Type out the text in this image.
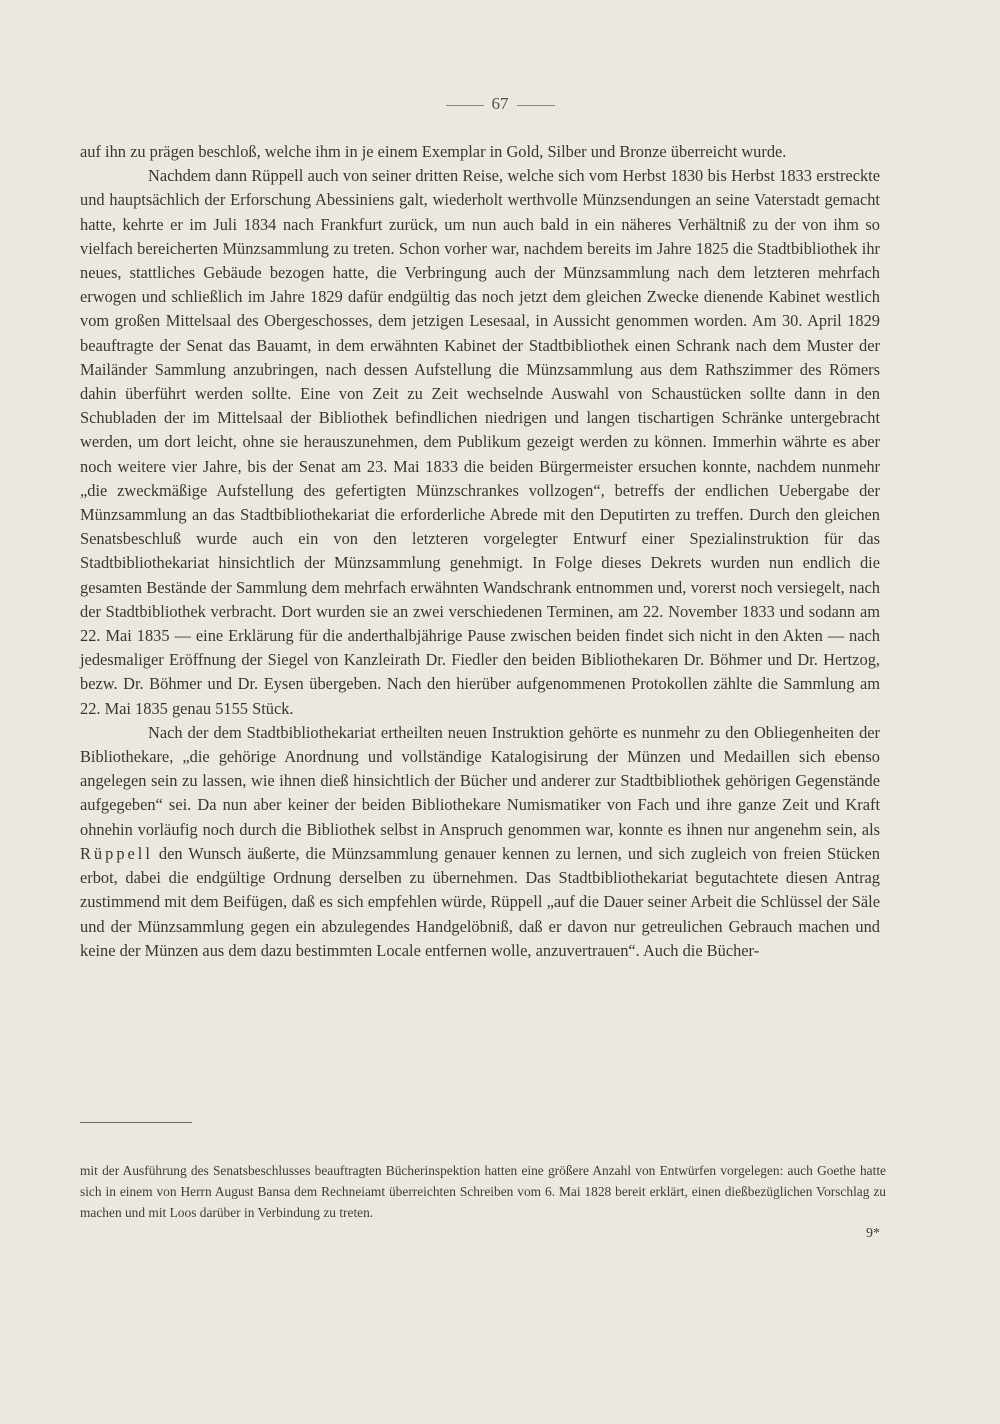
67

auf ihn zu prägen beschloß, welche ihm in je einem Exemplar in Gold, Silber und Bronze überreicht wurde.

Nachdem dann Rüppell auch von seiner dritten Reise, welche sich vom Herbst 1830 bis Herbst 1833 erstreckte und hauptsächlich der Erforschung Abessiniens galt, wiederholt werthvolle Münzsendungen an seine Vaterstadt gemacht hatte, kehrte er im Juli 1834 nach Frankfurt zurück, um nun auch bald in ein näheres Verhältniß zu der von ihm so vielfach bereicherten Münzsammlung zu treten. Schon vorher war, nachdem bereits im Jahre 1825 die Stadtbibliothek ihr neues, stattliches Gebäude bezogen hatte, die Verbringung auch der Münzsammlung nach dem letzteren mehrfach erwogen und schließlich im Jahre 1829 dafür endgültig das noch jetzt dem gleichen Zwecke dienende Kabinet westlich vom großen Mittelsaal des Obergeschosses, dem jetzigen Lesesaal, in Aussicht genommen worden. Am 30. April 1829 beauftragte der Senat das Bauamt, in dem erwähnten Kabinet der Stadtbibliothek einen Schrank nach dem Muster der Mailänder Sammlung anzubringen, nach dessen Aufstellung die Münzsammlung aus dem Rathszimmer des Römers dahin überführt werden sollte. Eine von Zeit zu Zeit wechselnde Auswahl von Schaustücken sollte dann in den Schubladen der im Mittelsaal der Bibliothek befindlichen niedrigen und langen tischartigen Schränke untergebracht werden, um dort leicht, ohne sie herauszunehmen, dem Publikum gezeigt werden zu können. Immerhin währte es aber noch weitere vier Jahre, bis der Senat am 23. Mai 1833 die beiden Bürgermeister ersuchen konnte, nachdem nunmehr „die zweckmäßige Aufstellung des gefertigten Münzschrankes vollzogen“, betreffs der endlichen Uebergabe der Münzsammlung an das Stadtbibliothekariat die erforderliche Abrede mit den Deputirten zu treffen. Durch den gleichen Senatsbeschluß wurde auch ein von den letzteren vorgelegter Entwurf einer Spezialinstruktion für das Stadtbibliothekariat hinsichtlich der Münzsammlung genehmigt. In Folge dieses Dekrets wurden nun endlich die gesamten Bestände der Sammlung dem mehrfach erwähnten Wandschrank entnommen und, vorerst noch versiegelt, nach der Stadtbibliothek verbracht. Dort wurden sie an zwei verschiedenen Terminen, am 22. November 1833 und sodann am 22. Mai 1835 — eine Erklärung für die anderthalbjährige Pause zwischen beiden findet sich nicht in den Akten — nach jedesmaliger Eröffnung der Siegel von Kanzleirath Dr. Fiedler den beiden Bibliothekaren Dr. Böhmer und Dr. Hertzog, bezw. Dr. Böhmer und Dr. Eysen übergeben. Nach den hierüber aufgenommenen Protokollen zählte die Sammlung am 22. Mai 1835 genau 5155 Stück.

Nach der dem Stadtbibliothekariat ertheilten neuen Instruktion gehörte es nunmehr zu den Obliegenheiten der Bibliothekare, „die gehörige Anordnung und vollständige Katalogisirung der Münzen und Medaillen sich ebenso angelegen sein zu lassen, wie ihnen dieß hinsichtlich der Bücher und anderer zur Stadtbibliothek gehörigen Gegenstände aufgegeben“ sei. Da nun aber keiner der beiden Bibliothekare Numismatiker von Fach und ihre ganze Zeit und Kraft ohnehin vorläufig noch durch die Bibliothek selbst in Anspruch genommen war, konnte es ihnen nur angenehm sein, als Rüppell den Wunsch äußerte, die Münzsammlung genauer kennen zu lernen, und sich zugleich von freien Stücken erbot, dabei die endgültige Ordnung derselben zu übernehmen. Das Stadtbibliothekariat begutachtete diesen Antrag zustimmend mit dem Beifügen, daß es sich empfehlen würde, Rüppell „auf die Dauer seiner Arbeit die Schlüssel der Säle und der Münzsammlung gegen ein abzulegendes Handgelöbniß, daß er davon nur getreulichen Gebrauch machen und keine der Münzen aus dem dazu bestimmten Locale entfernen wolle, anzuvertrauen“. Auch die Bücher-

mit der Ausführung des Senatsbeschlusses beauftragten Bücherinspektion hatten eine größere Anzahl von Entwürfen vorgelegen: auch Goethe hatte sich in einem von Herrn August Bansa dem Rechneiamt überreichten Schreiben vom 6. Mai 1828 bereit erklärt, einen dießbezüglichen Vorschlag zu machen und mit Loos darüber in Verbindung zu treten.
9*
